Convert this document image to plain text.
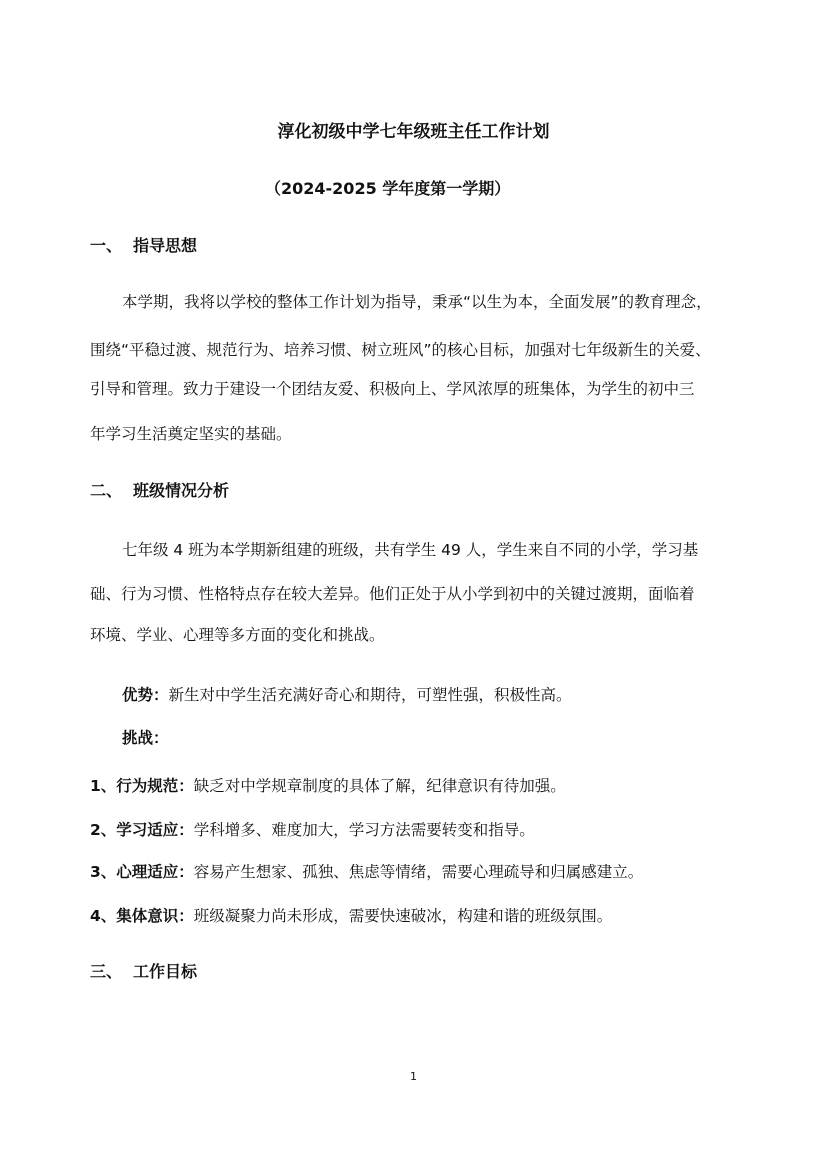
淳化初级中学七年级班主任工作计划
（2024-2025 学年度第一学期）
一、 指导思想
本学期，我将以学校的整体工作计划为指导，秉承“以生为本，全面发展”的教育理念，
围绕“平稳过渡、规范行为、培养习惯、树立班风”的核心目标，加强对七年级新生的关爱、
引导和管理。致力于建设一个团结友爱、积极向上、学风浓厚的班集体，为学生的初中三
年学习生活奠定坚实的基础。
二、 班级情况分析
七年级 4 班为本学期新组建的班级，共有学生 49 人，学生来自不同的小学，学习基
础、行为习惯、性格特点存在较大差异。他们正处于从小学到初中的关键过渡期，面临着
环境、学业、心理等多方面的变化和挑战。
优势：新生对中学生活充满好奇心和期待，可塑性强，积极性高。
挑战：
1、行为规范：缺乏对中学规章制度的具体了解，纪律意识有待加强。
2、学习适应：学科增多、难度加大，学习方法需要转变和指导。
3、心理适应：容易产生想家、孤独、焦虑等情绪，需要心理疏导和归属感建立。
4、集体意识：班级凝聚力尚未形成，需要快速破冰，构建和谐的班级氛围。
三、 工作目标
1
